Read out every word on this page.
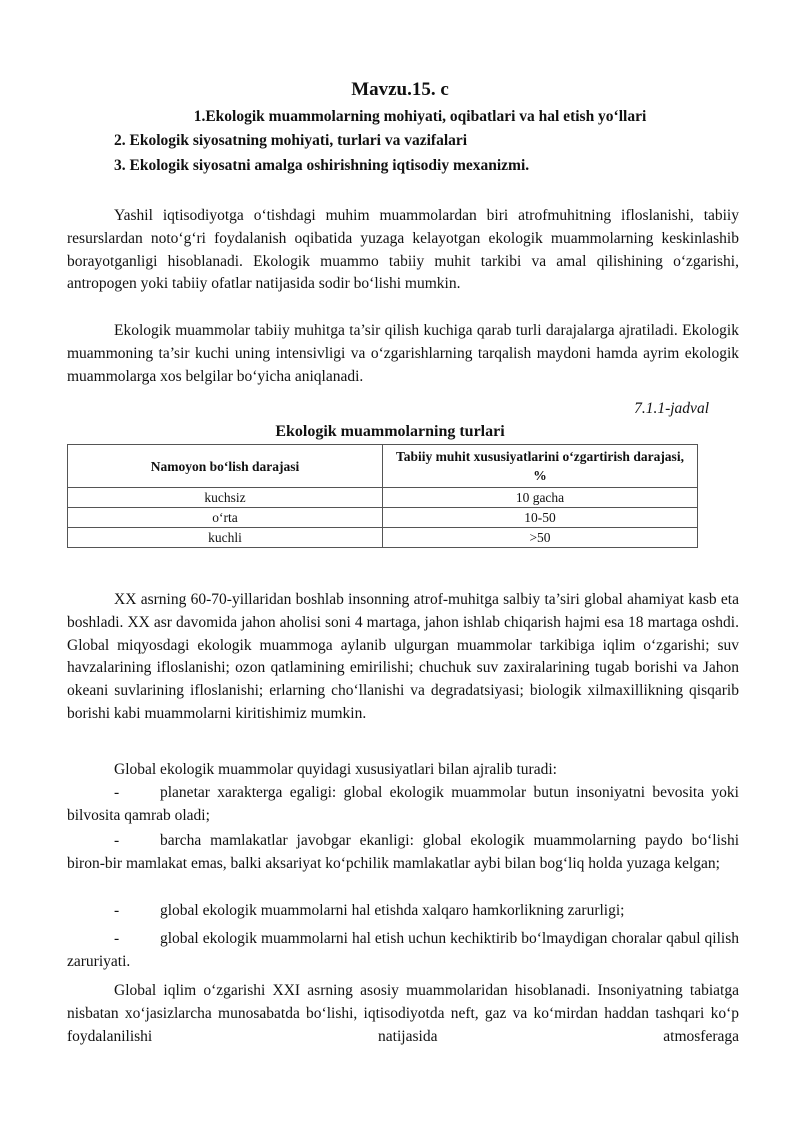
Mavzu.15. c
1.Ekologik muammolarning mohiyati, oqibatlari va hal etish yo‘llari
2. Ekologik siyosatning mohiyati, turlari va vazifalari
3. Ekologik siyosatni amalga oshirishning iqtisodiy mexanizmi.

Yashil iqtisodiyotga o‘tishdagi muhim muammolardan biri atrofmuhitning ifloslanishi, tabiiy resurslardan noto‘g‘ri foydalanish oqibatida yuzaga kelayotgan ekologik muammolarning keskinlashib borayotganligi hisoblanadi. Ekologik muammo tabiiy muhit tarkibi va amal qilishining o‘zgarishi, antropogen yoki tabiiy ofatlar natijasida sodir bo‘lishi mumkin.

Ekologik muammolar tabiiy muhitga ta’sir qilish kuchiga qarab turli darajalarga ajratiladi. Ekologik muammoning ta’sir kuchi uning intensivligi va o‘zgarishlarning tarqalish maydoni hamda ayrim ekologik muammolarga xos belgilar bo‘yicha aniqlanadi.

7.1.1-jadval
Ekologik muammolarning turlari
Namoyon bo‘lish darajasi	Tabiiy muhit xususiyatlarini o‘zgartirish darajasi, %
kuchsiz	10 gacha
o‘rta	10-50
kuchli	>50

XX asrning 60-70-yillaridan boshlab insonning atrof-muhitga salbiy ta’siri global ahamiyat kasb eta boshladi. XX asr davomida jahon aholisi soni 4 martaga, jahon ishlab chiqarish hajmi esa 18 martaga oshdi. Global miqyosdagi ekologik muammoga aylanib ulgurgan muammolar tarkibiga iqlim o‘zgarishi; suv havzalarining ifloslanishi; ozon qatlamining emirilishi; chuchuk suv zaxiralarining tugab borishi va Jahon okeani suvlarining ifloslanishi; erlarning cho‘llanishi va degradatsiyasi; biologik xilmaxillikning qisqarib borishi kabi muammolarni kiritishimiz mumkin.

Global ekologik muammolar quyidagi xususiyatlari bilan ajralib turadi:

-	planetar xarakterga egaligi: global ekologik muammolar butun insoniyatni bevosita yoki bilvosita qamrab oladi;

-	barcha mamlakatlar javobgar ekanligi: global ekologik muammolarning paydo bo‘lishi biron-bir mamlakat emas, balki aksariyat ko‘pchilik mamlakatlar aybi bilan bog‘liq holda yuzaga kelgan;

-	global ekologik muammolarni hal etishda xalqaro hamkorlikning zarurligi;

-	global ekologik muammolarni hal etish uchun kechiktirib bo‘lmaydigan choralar qabul qilish zaruriyati.

Global iqlim o‘zgarishi XXI asrning asosiy muammolaridan hisoblanadi. Insoniyatning tabiatga nisbatan xo‘jasizlarcha munosabatda bo‘lishi, iqtisodiyotda neft, gaz va ko‘mirdan haddan tashqari ko‘p foydalanilishi natijasida atmosferaga
